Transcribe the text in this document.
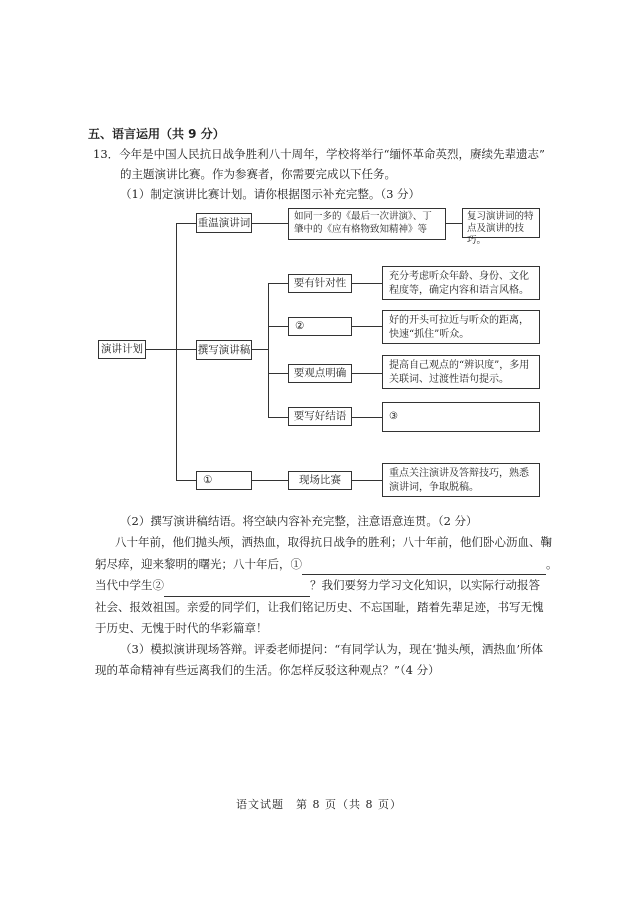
五、语言运用（共 9 分）
13．今年是中国人民抗日战争胜利八十周年，学校将举行“缅怀革命英烈，赓续先辈遗志”
的主题演讲比赛。作为参赛者，你需要完成以下任务。
（1）制定演讲比赛计划。请你根据图示补充完整。（3 分）
演讲计划
重温演讲词	如同一多的《最后一次讲演》、丁肇中的《应有格物致知精神》等
复习演讲词的特点及演讲的技巧。
撰写演讲稿
要有针对性
充分考虑听众年龄、身份、文化程度等，确定内容和语言风格。
②	好的开头可拉近与听众的距离，快速“抓住”听众。
要观点明确
提高自己观点的“辨识度”，多用关联词、过渡性语句提示。
要写好结语	③
①	现场比赛
重点关注演讲及答辩技巧，熟悉演讲词，争取脱稿。
（2）撰写演讲稿结语。将空缺内容补充完整，注意语意连贯。（2 分）
八十年前，他们抛头颅，洒热血，取得抗日战争的胜利；八十年前，他们卧心沥血、鞠
躬尽瘁，迎来黎明的曙光；八十年后，①	。
当代中学生②	？我们要努力学习文化知识，以实际行动报答
社会、报效祖国。亲爱的同学们，让我们铭记历史、不忘国耻，踏着先辈足迹，书写无愧
于历史、无愧于时代的华彩篇章！
（3）模拟演讲现场答辩。评委老师提问：“有同学认为，现在‘抛头颅，洒热血’所体
现的革命精神有些远离我们的生活。你怎样反驳这种观点？”（4 分）
语文试题　第 8 页（共 8 页）
